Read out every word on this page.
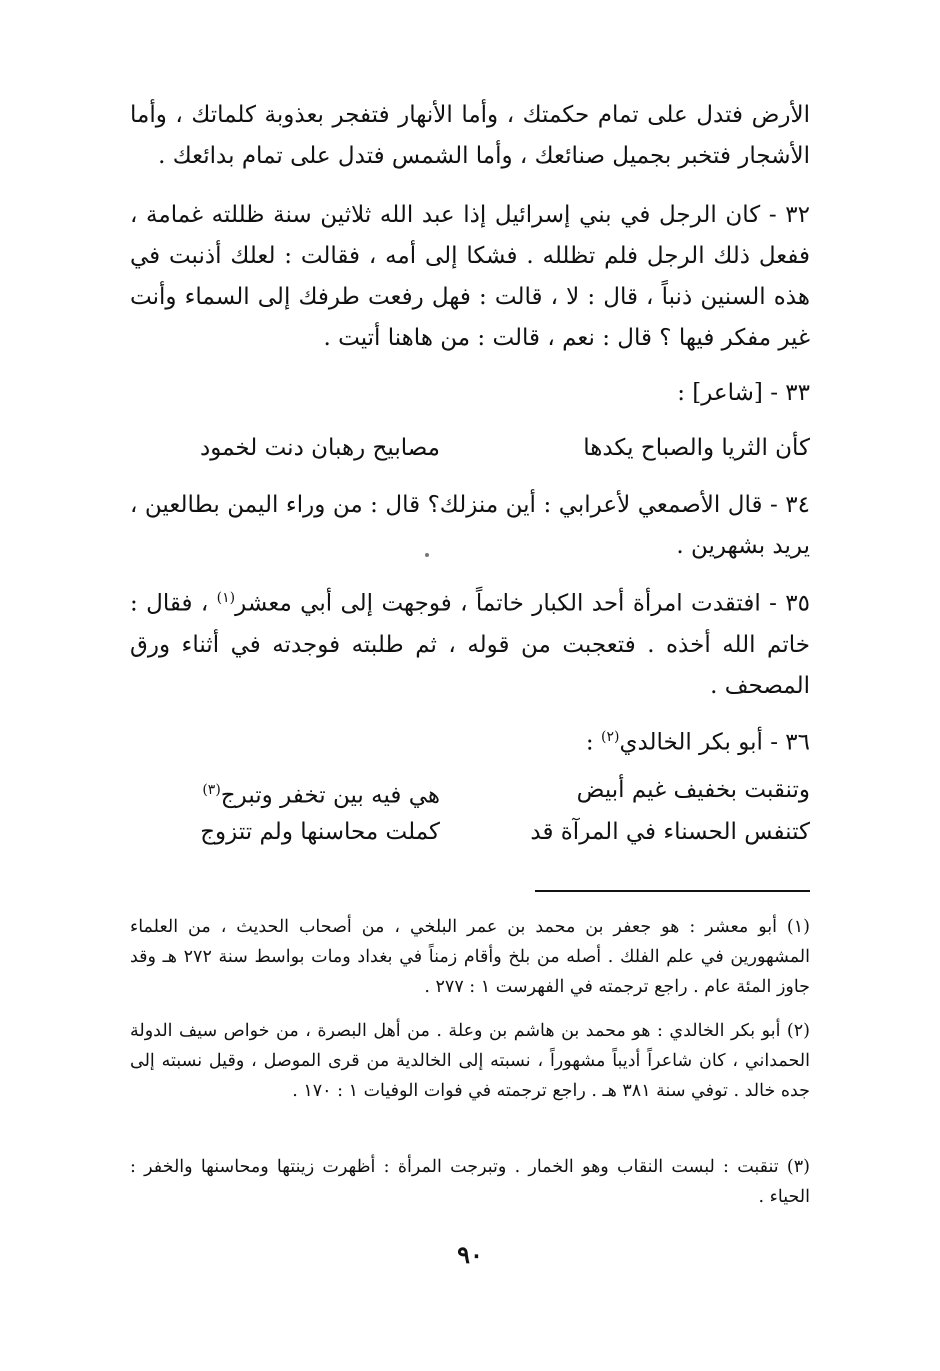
الأرض فتدل على تمام حكمتك ، وأما الأنهار فتفجر بعذوبة كلماتك ، وأما الأشجار فتخبر بجميل صنائعك ، وأما الشمس فتدل على تمام بدائعك .
٣٢ - كان الرجل في بني إسرائيل إذا عبد الله ثلاثين سنة ظللته غمامة ، ففعل ذلك الرجل فلم تظلله . فشكا إلى أمه ، فقالت : لعلك أذنبت في هذه السنين ذنباً ، قال : لا ، قالت : فهل رفعت طرفك إلى السماء وأنت غير مفكر فيها ؟ قال : نعم ، قالت : من هاهنا أتيت .
٣٣ - [شاعر] :
كأن الثريا والصباح يكدها
مصابيح رهبان دنت لخمود
٣٤ - قال الأصمعي لأعرابي : أين منزلك؟ قال : من وراء اليمن بطالعين ، يريد بشهرين .
٣٥ - افتقدت امرأة أحد الكبار خاتماً ، فوجهت إلى أبي معشر$^{(١)}$ ، فقال : خاتم الله أخذه . فتعجبت من قوله ، ثم طلبته فوجدته في أثناء ورق المصحف .
٣٦ - أبو بكر الخالدي$^{(٢)}$ :
وتنقبت بخفيف غيم أبيض
هي فيه بين تخفر وتبرج$^{(٣)}$
كتنفس الحسناء في المرآة قد
كملت محاسنها ولم تتزوج
(١) أبو معشر : هو جعفر بن محمد بن عمر البلخي ، من أصحاب الحديث ، من العلماء المشهورين في علم الفلك . أصله من بلخ وأقام زمناً في بغداد ومات بواسط سنة ٢٧٢ هـ وقد جاوز المئة عام . راجع ترجمته في الفهرست ١ : ٢٧٧ .
(٢) أبو بكر الخالدي : هو محمد بن هاشم بن وعلة . من أهل البصرة ، من خواص سيف الدولة الحمداني ، كان شاعراً أديباً مشهوراً ، نسبته إلى الخالدية من قرى الموصل ، وقيل نسبته إلى جده خالد . توفي سنة ٣٨١ هـ . راجع ترجمته في فوات الوفيات ١ : ١٧٠ .
(٣) تنقبت : لبست النقاب وهو الخمار . وتبرجت المرأة : أظهرت زينتها ومحاسنها والخفر : الحياء .
٩٠
